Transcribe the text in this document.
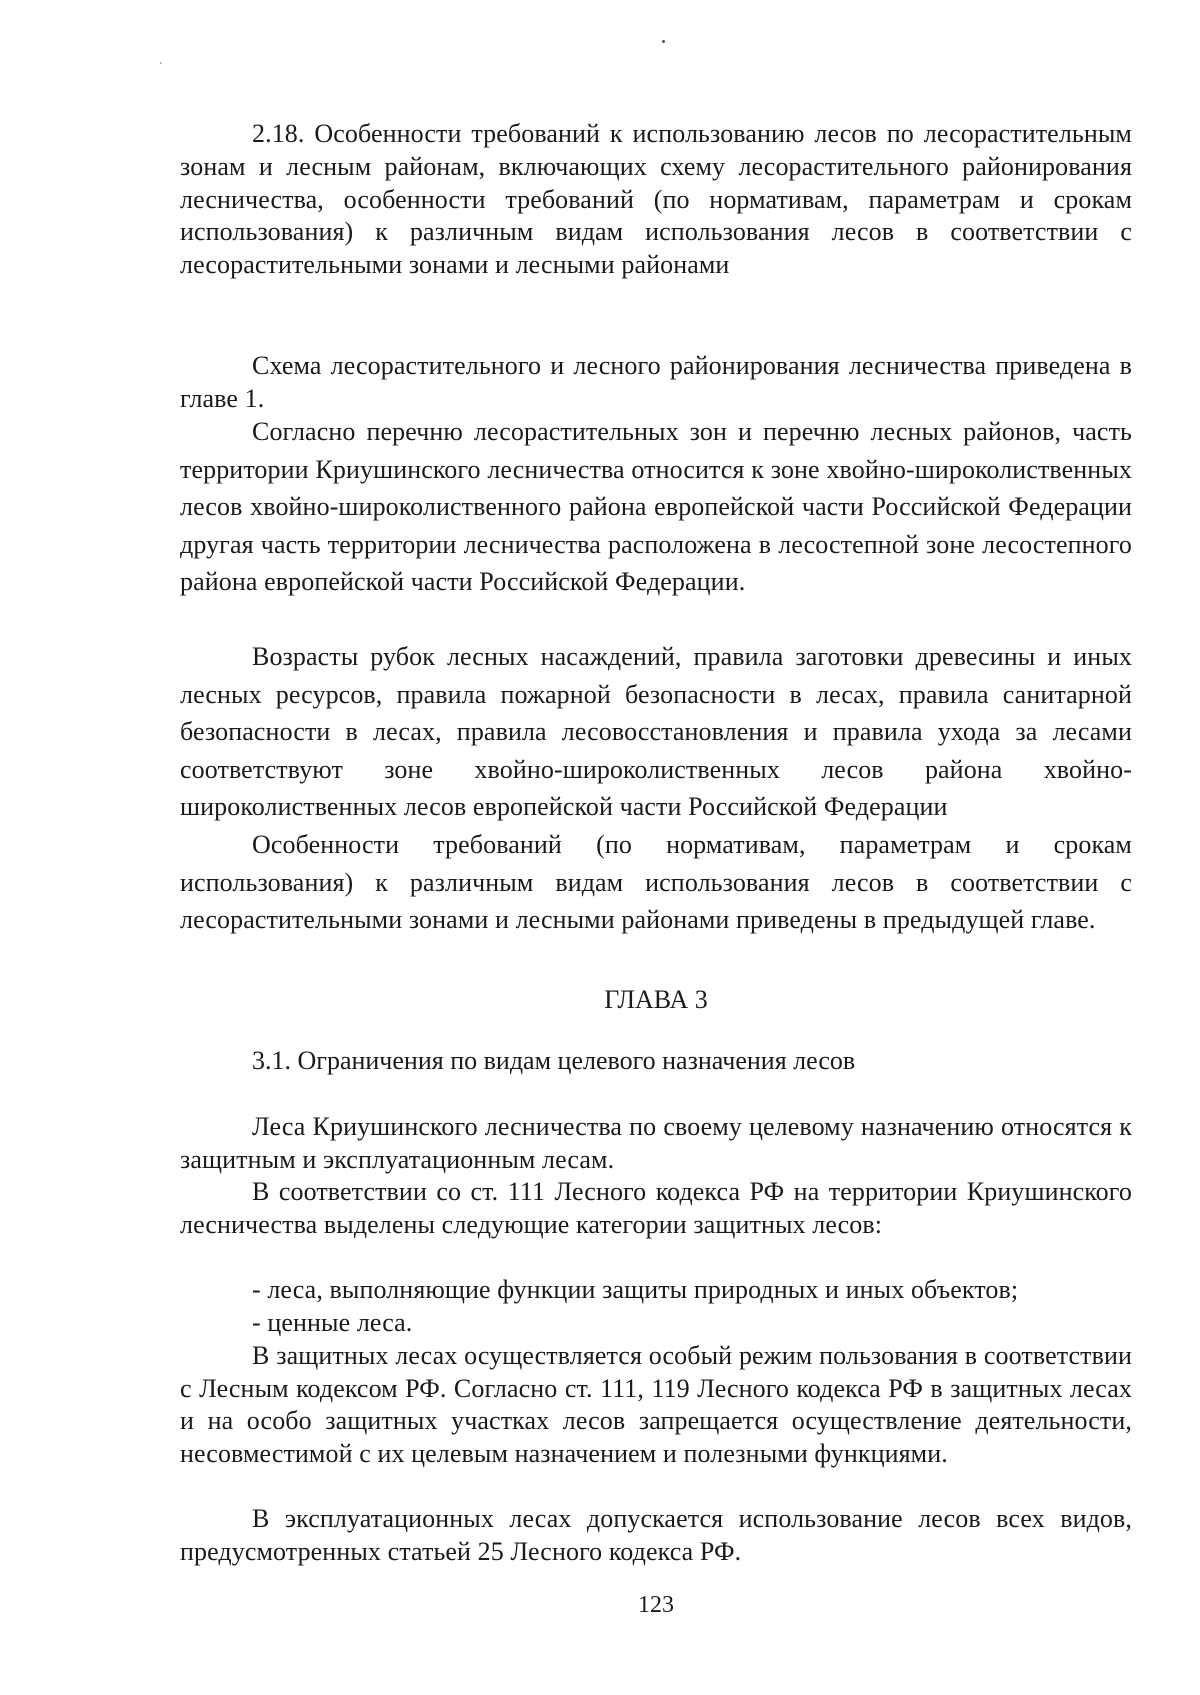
2.18. Особенности требований к использованию лесов по лесорастительным зонам и лесным районам, включающих схему лесорастительного районирования лесничества, особенности требований (по нормативам, параметрам и срокам использования) к различным видам использования лесов в соответствии с лесорастительными зонами и лесными районами

Схема лесорастительного и лесного районирования лесничества приведена в главе 1.

Согласно перечню лесорастительных зон и перечню лесных районов, часть территории Криушинского лесничества относится к зоне хвойно-широколиственных лесов хвойно-широколиственного района европейской части Российской Федерации другая часть территории лесничества расположена в лесостепной зоне лесостепного района европейской части Российской Федерации.

Возрасты рубок лесных насаждений, правила заготовки древесины и иных лесных ресурсов, правила пожарной безопасности в лесах, правила санитарной безопасности в лесах, правила лесовосстановления и правила ухода за лесами соответствуют зоне хвойно-широколиственных лесов района хвойно-широколиственных лесов европейской части Российской Федерации

Особенности требований (по нормативам, параметрам и срокам использования) к различным видам использования лесов в соответствии с лесорастительными зонами и лесными районами приведены в предыдущей главе.

ГЛАВА 3

3.1. Ограничения по видам целевого назначения лесов

Леса Криушинского лесничества по своему целевому назначению относятся к защитным и эксплуатационным лесам.

В соответствии со ст. 111 Лесного кодекса РФ на территории Криушинского лесничества выделены следующие категории защитных лесов:

- леса, выполняющие функции защиты природных и иных объектов;

- ценные леса.

В защитных лесах осуществляется особый режим пользования в соответствии с Лесным кодексом РФ. Согласно ст. 111, 119 Лесного кодекса РФ в защитных лесах и на особо защитных участках лесов запрещается осуществление деятельности, несовместимой с их целевым назначением и полезными функциями.

В эксплуатационных лесах допускается использование лесов всех видов, предусмотренных статьей 25 Лесного кодекса РФ.

123
